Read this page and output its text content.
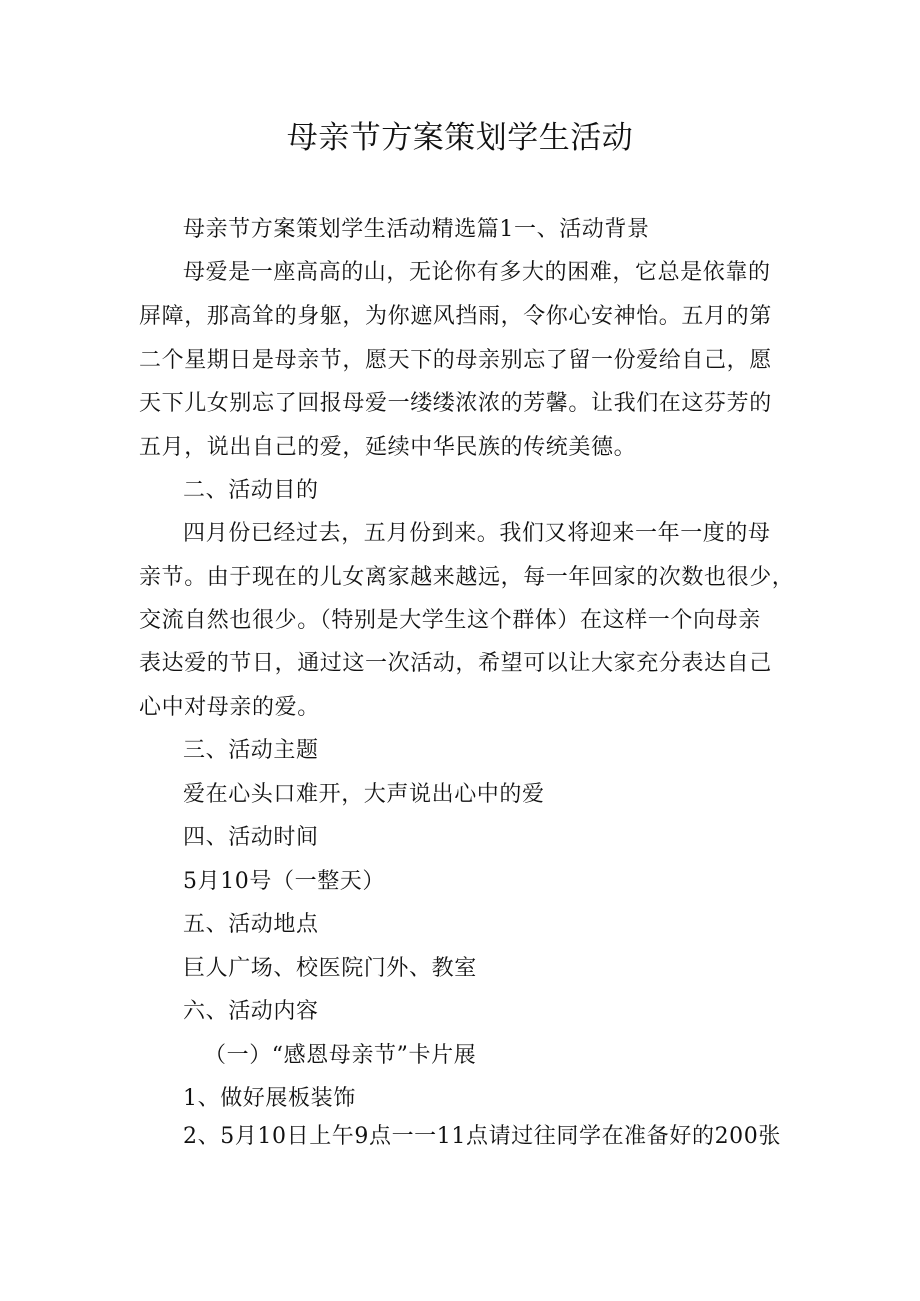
母亲节方案策划学生活动
母亲节方案策划学生活动精选篇1一、活动背景
母爱是一座高高的山，无论你有多大的困难，它总是依靠的
屏障，那高耸的身躯，为你遮风挡雨，令你心安神怡。五月的第
二个星期日是母亲节，愿天下的母亲别忘了留一份爱给自己，愿
天下儿女别忘了回报母爱一缕缕浓浓的芳馨。让我们在这芬芳的
五月，说出自己的爱，延续中华民族的传统美德。
二、活动目的
四月份已经过去，五月份到来。我们又将迎来一年一度的母
亲节。由于现在的儿女离家越来越远，每一年回家的次数也很少，
交流自然也很少。（特别是大学生这个群体）在这样一个向母亲
表达爱的节日，通过这一次活动，希望可以让大家充分表达自己
心中对母亲的爱。
三、活动主题
爱在心头口难开，大声说出心中的爱
四、活动时间
5月10号（一整天）
五、活动地点
巨人广场、校医院门外、教室
六、活动内容
（一）“感恩母亲节”卡片展
1、做好展板装饰
2、5月10日上午9点一一11点请过往同学在准备好的200张
